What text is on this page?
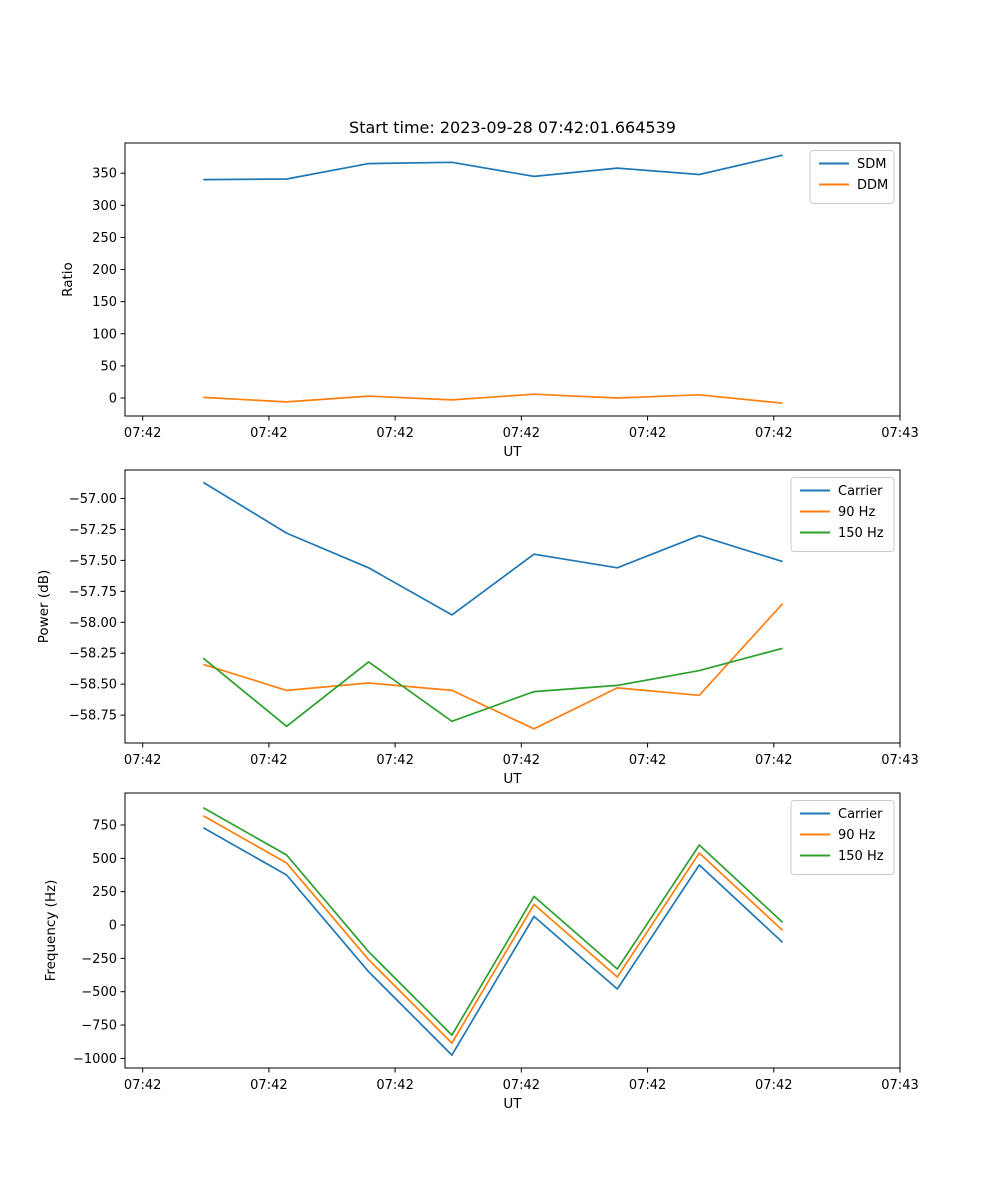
Start time: 2023-09-28 07:42:01.664539
0
50
100
150
200
250
300
350
07:42	07:42	07:42	07:42	07:42	07:42	07:43
UT
Ratio
SDM
DDM
−58.75
−58.50
−58.25
−58.00
−57.75
−57.50
−57.25
−57.00
07:42	07:42	07:42	07:42	07:42	07:42	07:43
UT
Power (dB)
Carrier
90 Hz
150 Hz
−1000
−750
−500
−250
0
250
500
750
07:42	07:42	07:42	07:42	07:42	07:42	07:43
UT
Frequency (Hz)
Carrier
90 Hz
150 Hz
